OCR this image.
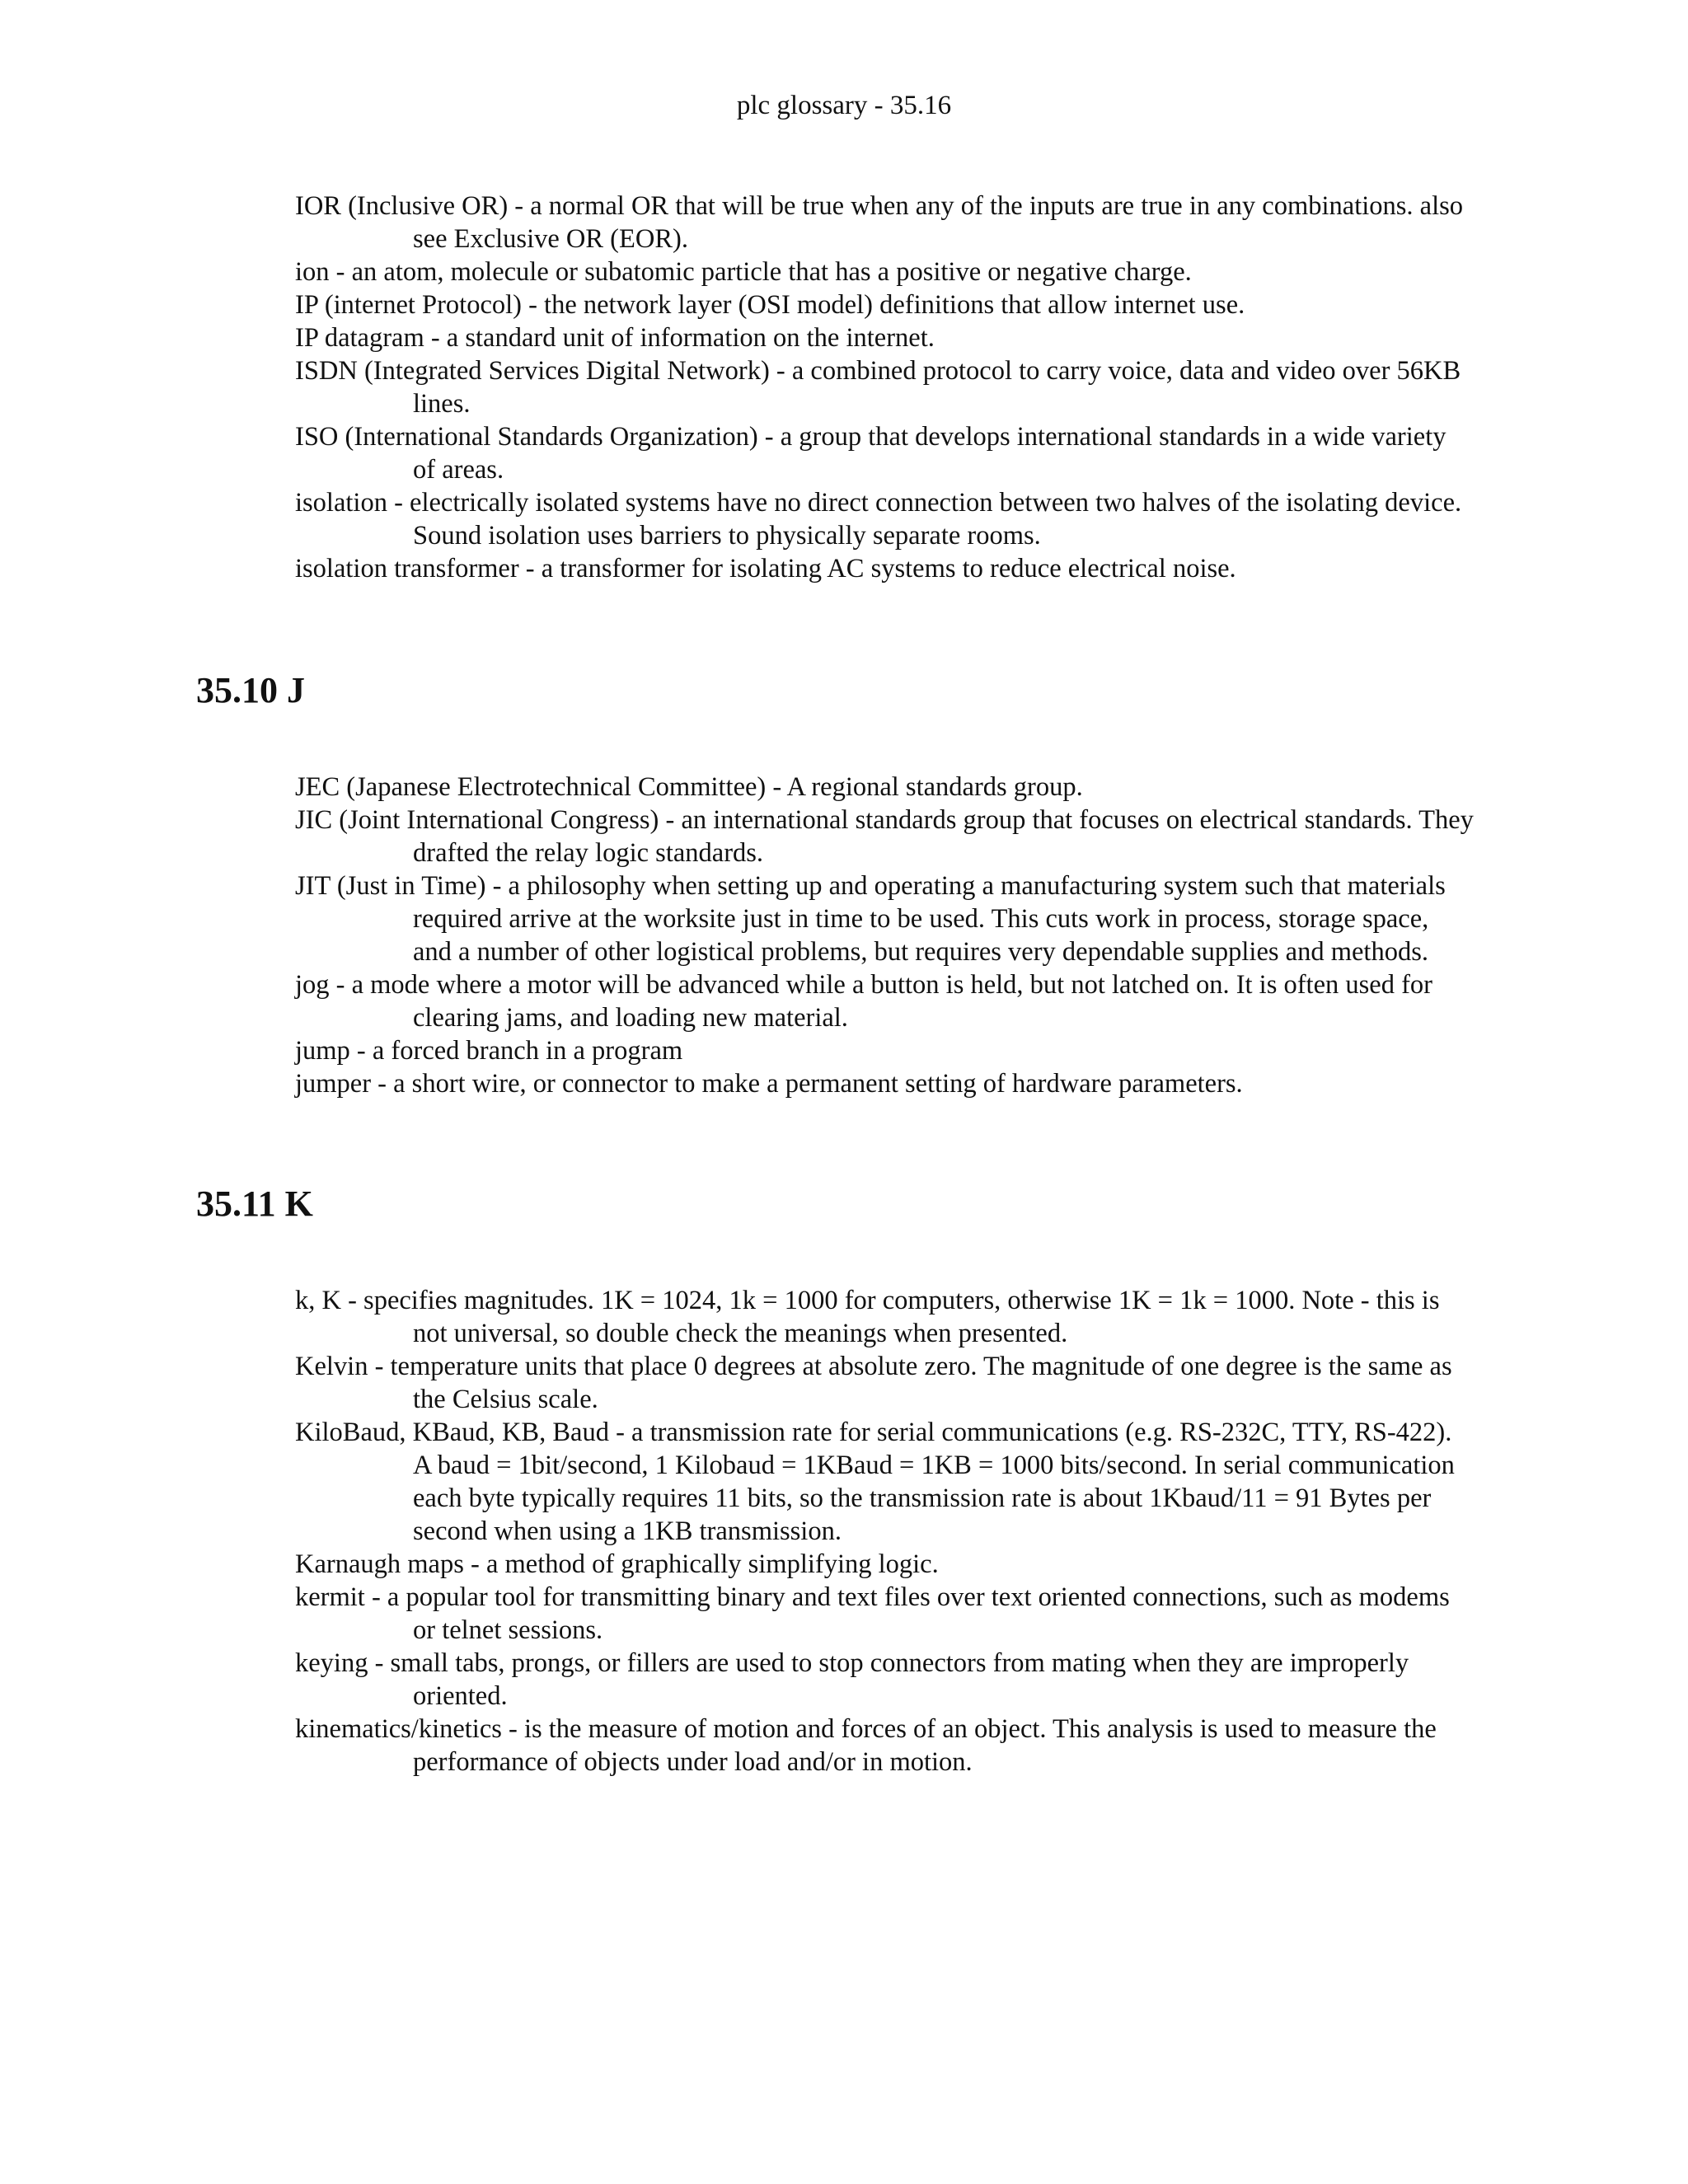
plc glossary - 35.16
IOR (Inclusive OR) - a normal OR that will be true when any of the inputs are true in any combinations. also see Exclusive OR (EOR).
ion - an atom, molecule or subatomic particle that has a positive or negative charge.
IP (internet Protocol) - the network layer (OSI model) definitions that allow internet use.
IP datagram - a standard unit of information on the internet.
ISDN (Integrated Services Digital Network) - a combined protocol to carry voice, data and video over 56KB lines.
ISO (International Standards Organization) - a group that develops international standards in a wide variety of areas.
isolation - electrically isolated systems have no direct connection between two halves of the isolating device. Sound isolation uses barriers to physically separate rooms.
isolation transformer - a transformer for isolating AC systems to reduce electrical noise.
35.10 J
JEC (Japanese Electrotechnical Committee) - A regional standards group.
JIC (Joint International Congress) - an international standards group that focuses on electrical standards. They drafted the relay logic standards.
JIT (Just in Time) - a philosophy when setting up and operating a manufacturing system such that materials required arrive at the worksite just in time to be used. This cuts work in process, storage space, and a number of other logistical problems, but requires very dependable supplies and methods.
jog - a mode where a motor will be advanced while a button is held, but not latched on. It is often used for clearing jams, and loading new material.
jump - a forced branch in a program
jumper - a short wire, or connector to make a permanent setting of hardware parameters.
35.11 K
k, K - specifies magnitudes. 1K = 1024, 1k = 1000 for computers, otherwise 1K = 1k = 1000. Note - this is not universal, so double check the meanings when presented.
Kelvin - temperature units that place 0 degrees at absolute zero. The magnitude of one degree is the same as the Celsius scale.
KiloBaud, KBaud, KB, Baud - a transmission rate for serial communications (e.g. RS-232C, TTY, RS-422). A baud = 1bit/second, 1 Kilobaud = 1KBaud = 1KB = 1000 bits/second. In serial communication each byte typically requires 11 bits, so the transmission rate is about 1Kbaud/11 = 91 Bytes per second when using a 1KB transmission.
Karnaugh maps - a method of graphically simplifying logic.
kermit - a popular tool for transmitting binary and text files over text oriented connections, such as modems or telnet sessions.
keying - small tabs, prongs, or fillers are used to stop connectors from mating when they are improperly oriented.
kinematics/kinetics - is the measure of motion and forces of an object. This analysis is used to measure the performance of objects under load and/or in motion.
